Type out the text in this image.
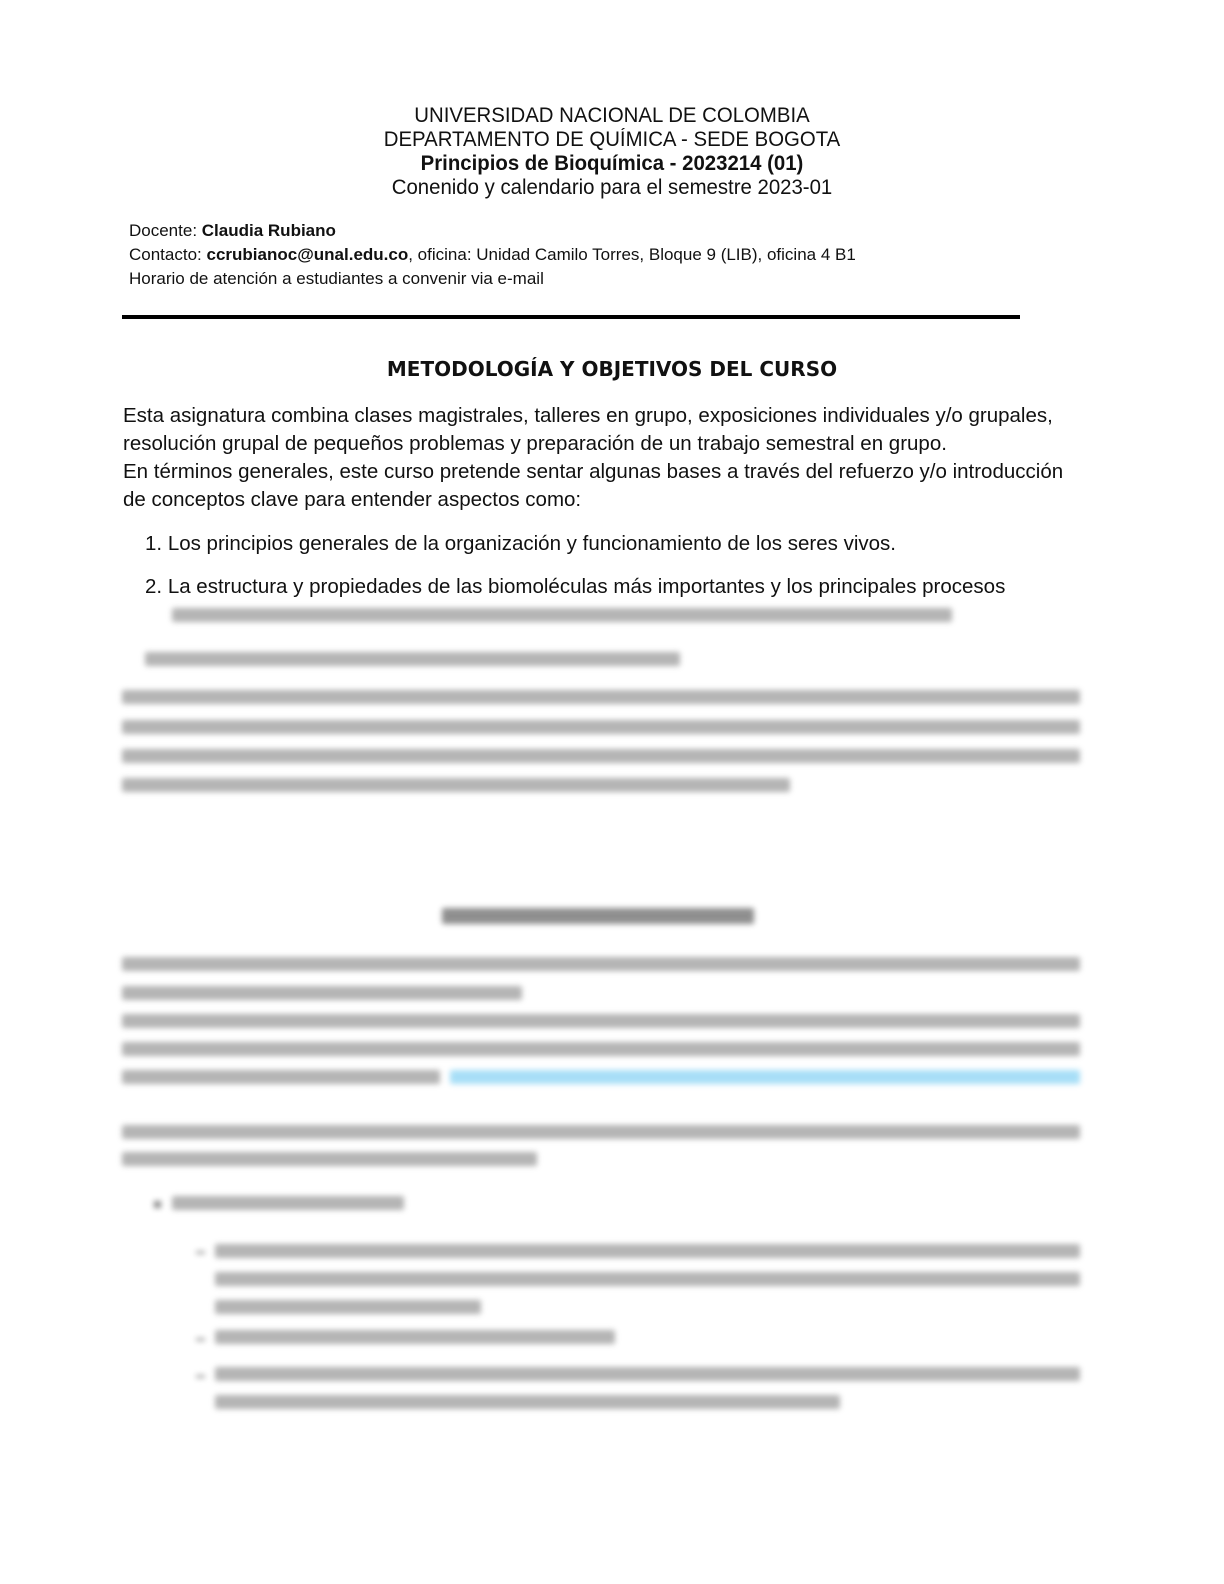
UNIVERSIDAD NACIONAL DE COLOMBIA
DEPARTAMENTO DE QUÍMICA - SEDE BOGOTA
Principios de Bioquímica - 2023214 (01)
Conenido y calendario para el semestre 2023-01
Docente: Claudia Rubiano
Contacto: ccrubianoc@unal.edu.co, oficina: Unidad Camilo Torres, Bloque 9 (LIB), oficina 4 B1
Horario de atención a estudiantes a convenir via e-mail
METODOLOGÍA Y OBJETIVOS DEL CURSO
Esta asignatura combina clases magistrales, talleres en grupo, exposiciones individuales y/o grupales,
resolución grupal de pequeños problemas y preparación de un trabajo semestral en grupo.
En términos generales, este curso pretende sentar algunas bases a través del refuerzo y/o introducción
de conceptos clave para entender aspectos como:
1. Los principios generales de la organización y funcionamiento de los seres vivos.
2. La estructura y propiedades de las biomoléculas más importantes y los principales procesos
